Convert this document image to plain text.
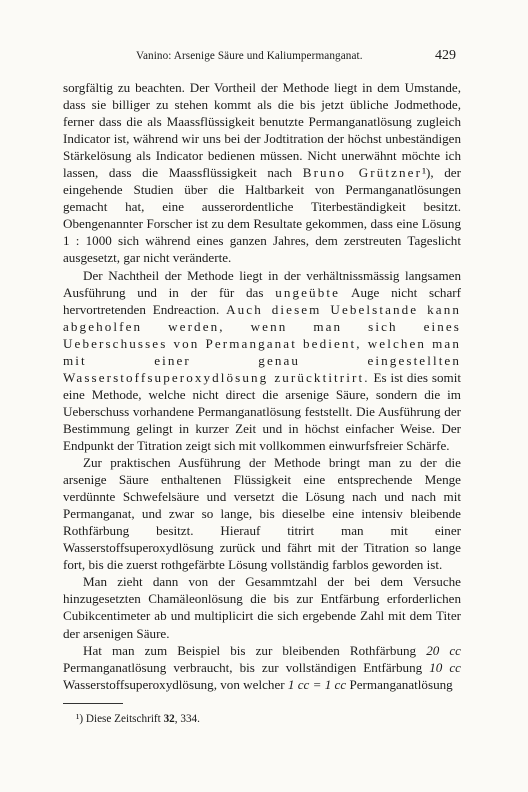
Vanino: Arsenige Säure und Kaliumpermanganat.	429

sorgfältig zu beachten. Der Vortheil der Methode liegt in dem Umstande, dass sie billiger zu stehen kommt als die bis jetzt übliche Jodmethode, ferner dass die als Maassflüssigkeit benutzte Permanganatlösung zugleich Indicator ist, während wir uns bei der Jodtitration der höchst unbeständigen Stärkelösung als Indicator bedienen müssen. Nicht unerwähnt möchte ich lassen, dass die Maassflüssigkeit nach Bruno Grützner¹), der eingehende Studien über die Haltbarkeit von Permanganatlösungen gemacht hat, eine ausserordentliche Titerbeständigkeit besitzt. Obengenannter Forscher ist zu dem Resultate gekommen, dass eine Lösung 1 : 1000 sich während eines ganzen Jahres, dem zerstreuten Tageslicht ausgesetzt, gar nicht veränderte.

Der Nachtheil der Methode liegt in der verhältnissmässig langsamen Ausführung und in der für das ungeübte Auge nicht scharf hervortretenden Endreaction. Auch diesem Uebelstande kann abgeholfen werden, wenn man sich eines Ueberschusses von Permanganat bedient, welchen man mit einer genau eingestellten Wasserstoffsuperoxydlösung zurücktitrirt. Es ist dies somit eine Methode, welche nicht direct die arsenige Säure, sondern die im Ueberschuss vorhandene Permanganatlösung feststellt. Die Ausführung der Bestimmung gelingt in kurzer Zeit und in höchst einfacher Weise. Der Endpunkt der Titration zeigt sich mit vollkommen einwurfsfreier Schärfe.

Zur praktischen Ausführung der Methode bringt man zu der die arsenige Säure enthaltenen Flüssigkeit eine entsprechende Menge verdünnte Schwefelsäure und versetzt die Lösung nach und nach mit Permanganat, und zwar so lange, bis dieselbe eine intensiv bleibende Rothfärbung besitzt. Hierauf titrirt man mit einer Wasserstoffsuperoxydlösung zurück und fährt mit der Titration so lange fort, bis die zuerst rothgefärbte Lösung vollständig farblos geworden ist.

Man zieht dann von der Gesammtzahl der bei dem Versuche hinzugesetzten Chamäleonlösung die bis zur Entfärbung erforderlichen Cubikcentimeter ab und multiplicirt die sich ergebende Zahl mit dem Titer der arsenigen Säure.

Hat man zum Beispiel bis zur bleibenden Rothfärbung 20 cc Permanganatlösung verbraucht, bis zur vollständigen Entfärbung 10 cc Wasserstoffsuperoxydlösung, von welcher 1 cc = 1 cc Permanganatlösung

¹) Diese Zeitschrift 32, 334.
